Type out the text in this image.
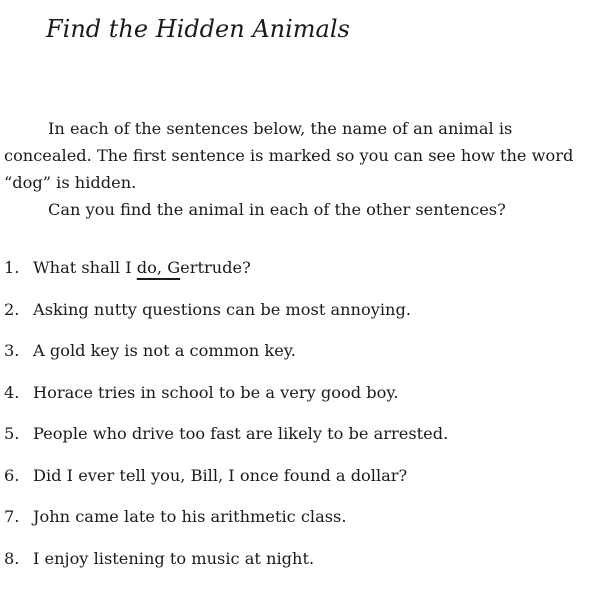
Find the Hidden Animals

In each of the sentences below, the name of an animal is concealed. The first sentence is marked so you can see how the word “dog” is hidden.

Can you find the animal in each of the other sentences?

1. What shall I do, Gertrude?
2. Asking nutty questions can be most annoying.
3. A gold key is not a common key.
4. Horace tries in school to be a very good boy.
5. People who drive too fast are likely to be arrested.
6. Did I ever tell you, Bill, I once found a dollar?
7. John came late to his arithmetic class.
8. I enjoy listening to music at night.
